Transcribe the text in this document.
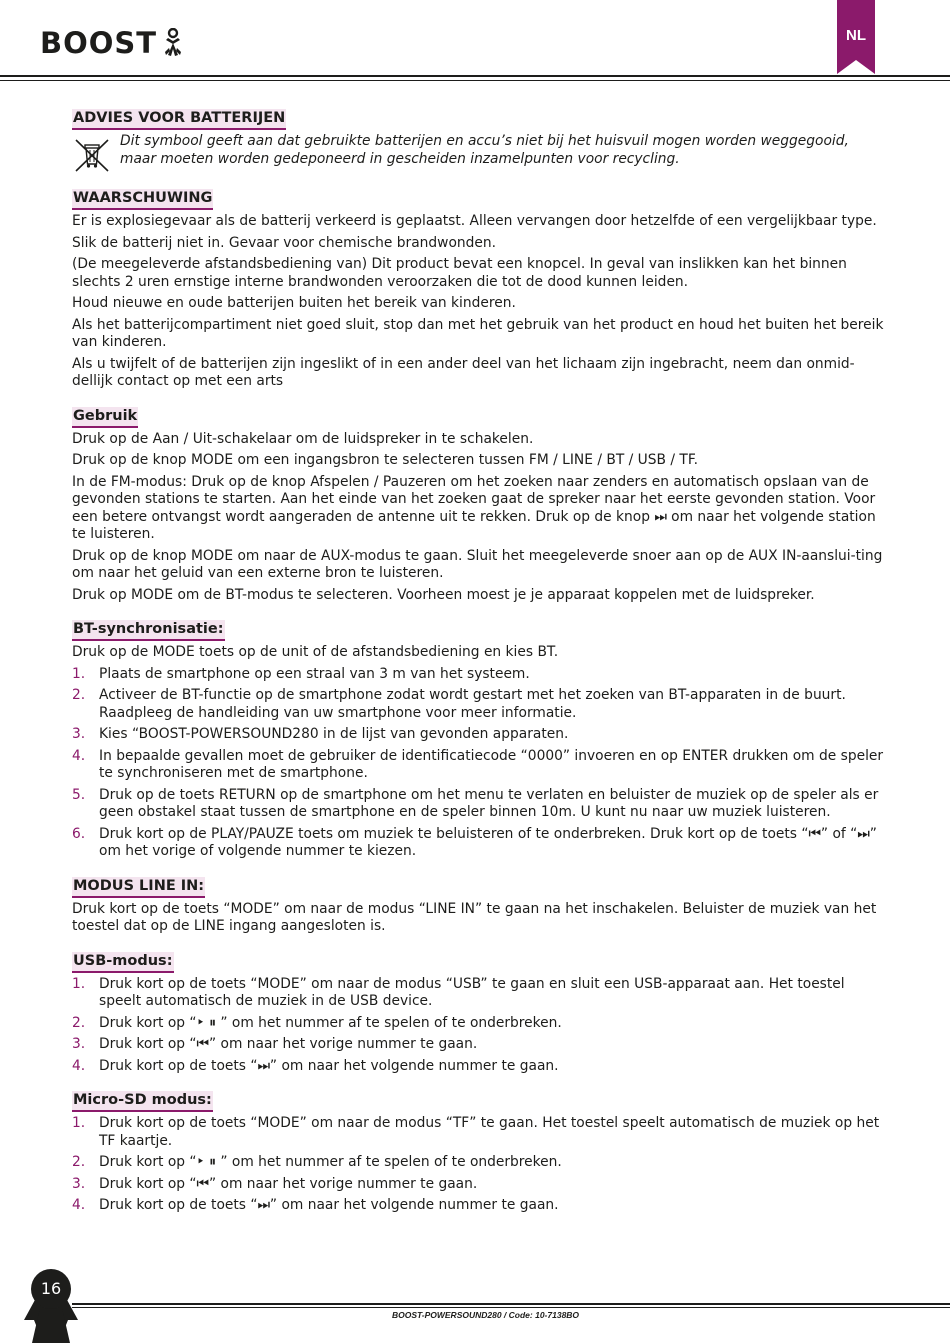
BOOST	NL
ADVIES VOOR BATTERIJEN
Dit symbool geeft aan dat gebruikte batterijen en accu’s niet bij het huisvuil mogen worden weggegooid, maar moeten worden gedeponeerd in gescheiden inzamelpunten voor recycling.
WAARSCHUWING
Er is explosiegevaar als de batterij verkeerd is geplaatst. Alleen vervangen door hetzelfde of een vergelijkbaar type.
Slik de batterij niet in. Gevaar voor chemische brandwonden.
(De meegeleverde afstandsbediening van) Dit product bevat een knopcel. In geval van inslikken kan het binnen slechts 2 uren ernstige interne brandwonden veroorzaken die tot de dood kunnen leiden.
Houd nieuwe en oude batterijen buiten het bereik van kinderen.
Als het batterijcompartiment niet goed sluit, stop dan met het gebruik van het product en houd het buiten het bereik van kinderen.
Als u twijfelt of de batterijen zijn ingeslikt of in een ander deel van het lichaam zijn ingebracht, neem dan onmid-dellijk contact op met een arts
Gebruik
Druk op de Aan / Uit-schakelaar om de luidspreker in te schakelen.
Druk op de knop MODE om een ingangsbron te selecteren tussen FM / LINE / BT / USB / TF.
In de FM-modus: Druk op de knop Afspelen / Pauzeren om het zoeken naar zenders en automatisch opslaan van de gevonden stations te starten. Aan het einde van het zoeken gaat de spreker naar het eerste gevonden station. Voor een betere ontvangst wordt aangeraden de antenne uit te rekken. Druk op de knop ⏭ om naar het volgende station te luisteren.
Druk op de knop MODE om naar de AUX-modus te gaan. Sluit het meegeleverde snoer aan op de AUX IN-aanslui-ting om naar het geluid van een externe bron te luisteren.
Druk op MODE om de BT-modus te selecteren. Voorheen moest je je apparaat koppelen met de luidspreker.
BT-synchronisatie:
Druk op de MODE toets op de unit of de afstandsbediening en kies BT.
1.	Plaats de smartphone op een straal van 3 m van het systeem.
2.	Activeer de BT-functie op de smartphone zodat wordt gestart met het zoeken van BT-apparaten in de buurt. Raadpleeg de handleiding van uw smartphone voor meer informatie.
3.	Kies “BOOST-POWERSOUND280 in de lijst van gevonden apparaten.
4.	In bepaalde gevallen moet de gebruiker de identificatiecode “0000” invoeren en op ENTER drukken om de speler te synchroniseren met de smartphone.
5.	Druk op de toets RETURN op de smartphone om het menu te verlaten en beluister de muziek op de speler als er geen obstakel staat tussen de smartphone en de speler binnen 10m. U kunt nu naar uw muziek luisteren.
6.	Druk kort op de PLAY/PAUZE toets om muziek te beluisteren of te onderbreken. Druk kort op de toets “⏮” of “⏭” om het vorige of volgende nummer te kiezen.
MODUS LINE IN:
Druk kort op de toets “MODE” om naar de modus “LINE IN” te gaan na het inschakelen. Beluister de muziek van het toestel dat op de LINE ingang aangesloten is.
USB-modus:
1.	Druk kort op de toets “MODE” om naar de modus “USB” te gaan en sluit een USB-apparaat aan. Het toestel speelt automatisch de muziek in de USB device.
2.	Druk kort op “‣ ⏸ ” om het nummer af te spelen of te onderbreken.
3.	Druk kort op “⏮” om naar het vorige nummer te gaan.
4.	Druk kort op de toets “⏭” om naar het volgende nummer te gaan.
Micro-SD modus:
1.	Druk kort op de toets “MODE” om naar de modus “TF” te gaan. Het toestel speelt automatisch de muziek op het TF kaartje.
2.	Druk kort op “‣ ⏸ ” om het nummer af te spelen of te onderbreken.
3.	Druk kort op “⏮” om naar het vorige nummer te gaan.
4.	Druk kort op de toets “⏭” om naar het volgende nummer te gaan.
BOOST-POWERSOUND280 / Code: 10-7138BO
16
